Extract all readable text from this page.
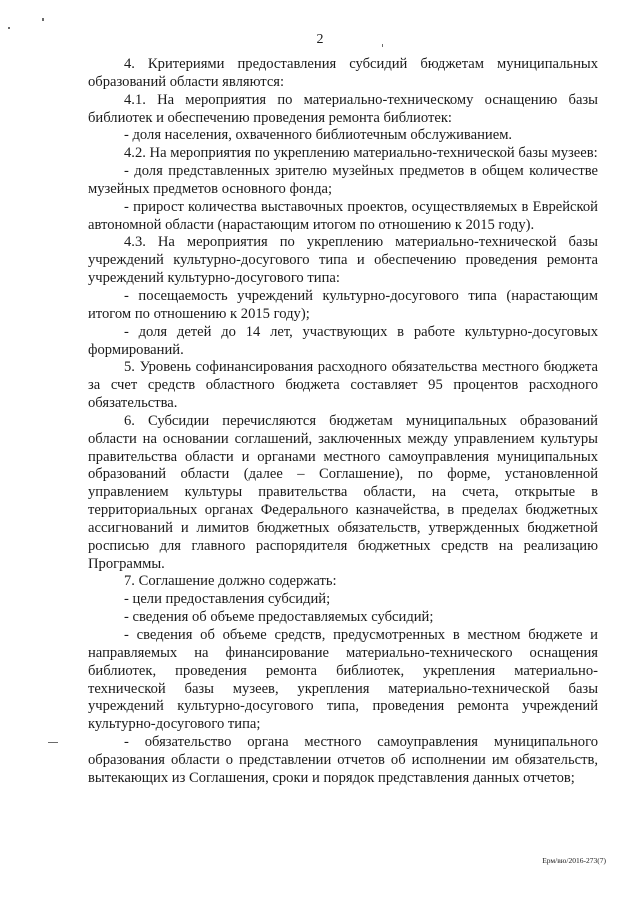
2

4. Критериями предоставления субсидий бюджетам муниципальных образований области являются:

4.1. На мероприятия по материально-техническому оснащению базы библиотек и обеспечению проведения ремонта библиотек:

- доля населения, охваченного библиотечным обслуживанием.

4.2. На мероприятия по укреплению материально-технической базы музеев:

- доля представленных зрителю музейных предметов в общем количестве музейных предметов основного фонда;

- прирост количества выставочных проектов, осуществляемых в Еврейской автономной области (нарастающим итогом по отношению к 2015 году).

4.3. На мероприятия по укреплению материально-технической базы учреждений культурно-досугового типа и обеспечению проведения ремонта учреждений культурно-досугового типа:

- посещаемость учреждений культурно-досугового типа (нарастающим итогом по отношению к 2015 году);

- доля детей до 14 лет, участвующих в работе культурно-досуговых формирований.

5. Уровень софинансирования расходного обязательства местного бюджета за счет средств областного бюджета составляет 95 процентов расходного обязательства.

6. Субсидии перечисляются бюджетам муниципальных образований области на основании соглашений, заключенных между управлением культуры правительства области и органами местного самоуправления муниципальных образований области (далее – Соглашение), по форме, установленной управлением культуры правительства области, на счета, открытые в территориальных органах Федерального казначейства, в пределах бюджетных ассигнований и лимитов бюджетных обязательств, утвержденных бюджетной росписью для главного распорядителя бюджетных средств на реализацию Программы.

7. Соглашение должно содержать:

- цели предоставления субсидий;

- сведения об объеме предоставляемых субсидий;

- сведения об объеме средств, предусмотренных в местном бюджете и направляемых на финансирование материально-технического оснащения библиотек, проведения ремонта библиотек, укрепления материально-технической базы музеев, укрепления материально-технической базы учреждений культурно-досугового типа, проведения ремонта учреждений культурно-досугового типа;

- обязательство органа местного самоуправления муниципального образования области о представлении отчетов об исполнении им обязательств, вытекающих из Соглашения, сроки и порядок представления данных отчетов;

Ерм/вю/2016-273(7)
